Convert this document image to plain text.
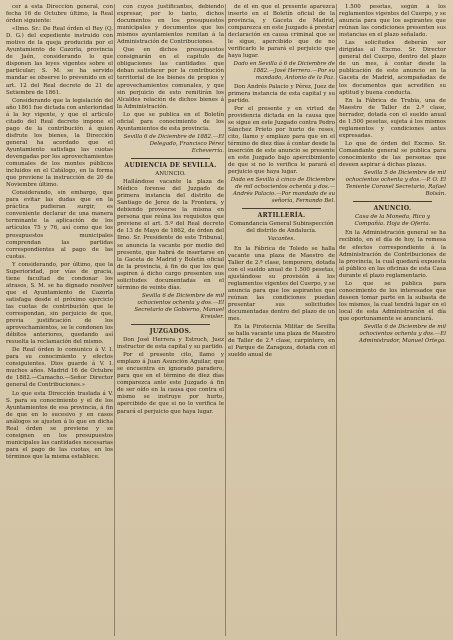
cer á esta Dirección general, con fecha 16 de Octubre último, la Real órden siguiente:

«Ilmo. Sr.: De Real órden el Rey (Q. D. G.) del expediente instruido con motivo de la queja producida por el Ayuntamiento de Cazorla, provincia de Jaén, considerando lo que disponen las leyes vigentes sobre el particular; S. M. se ha servido mandar se observe lo prevenido en el art. 12 del Real decreto de 21 de Setiembre de 1861.

Considerando que la legislación del año 1861 fue dictada con anterioridad á la ley vigente, y que el artículo citado del Real decreto impone el pago de la contribución á quien disfrute los bienes, la Dirección general ha acordado que el Ayuntamiento satisfaga las cuotas devengadas por los aprovechamientos comunales de los montes públicos incluidos en el Catálogo, en la forma que previene la instrucción de 20 de Noviembre último.

Considerando, sin embargo, que para evitar las dudas que en la práctica pudieran surgir, es conveniente declarar de una manera terminante la aplicación de los artículos 75 y 76, así como que los presupuestos municipales comprendan las partidas correspondientes al pago de las cuotas.

Y considerando, por último, que la Superioridad, por vías de gracia, tiene facultad de condonar los atrasos, S. M. se ha dignado resolver que el Ayuntamiento de Cazorla satisfaga desde el próximo ejercicio las cuotas de contribución que le correspondan, sin perjuicio de que, previa justificación de los aprovechamientos, se le condonen los débitos anteriores, quedando así resuelta la reclamación del mismo.

De Real órden lo comunico á V. I. para su conocimiento y efectos consiguientes. Dios guarde á V. I. muchos años. Madrid 16 de Octubre de 1882.—Camacho.—Señor Director general de Contribuciones.»

Lo que esta Dirección traslada á V. S. para su conocimiento y el de los Ayuntamientos de esa provincia, á fin de que en lo sucesivo y en casos análogos se ajusten á lo que en dicha Real órden se previene y se consignen en los presupuestos municipales las cantidades necesarias para el pago de las cuotas, en los términos que la misma establece.

con cuyos justificantes, debiendo expresar, por lo tanto, dichos documentos en los presupuestos municipales y documentos que los mismos ayuntamientos remitan á la Administración de Contribuciones.

Que en dichos presupuestos consignarán en el capítulo de obligaciones las cantidades que deban satisfacer por la contribución territorial de los bienes de propios y aprovechamientos comunales, y que sin perjuicio de esto remitirán los Alcaldes relación de dichos bienes á la Administración.

Lo que se publica en el Boletín oficial para conocimiento de los Ayuntamientos de esta provincia.

Sevilla 6 de Diciembre de 1882.—El Delegado, Francisco Pérez Echeverría.

AUDIENCIA DE SEVILLA.
ANUNCIO.

Hallándose vacante la plaza de Médico forense del Juzgado de primera instancia del distrito de Santiago de Jerez de la Frontera, y debiendo proveerse la misma en persona que reúna los requisitos que previene el art. 5.º del Real decreto de 13 de Mayo de 1862, de órden del Ilmo. Sr. Presidente de este Tribunal, se anuncia la vacante por medio del presente, que habrá de insertarse en la Gaceta de Madrid y Boletín oficial de la provincia, á fin de que los que aspiren á dicho cargo presenten sus solicitudes documentadas en el término de veinte días.

Sevilla 6 de Diciembre de mil ochocientos ochenta y dos.—El Secretario de Gobierno, Manuel Kreisler.

JUZGADOS.

Don José Herrera y Estruch, Juez instructor de esta capital y su partido.

Por el presente cito, llamo y emplazo á Juan Asunción Aguilar, que se encuentra en ignorado paradero, para que en el término de diez días comparezca ante este Juzgado á fin de ser oído en la causa que contra el mismo se instruye por hurto, apercibido de que si no lo verifica le parará el perjuicio que haya lugar.

de él en que el presente aparezca inserto en el Boletín oficial de la provincia, y Gaceta de Madrid, comparezca en este Juzgado á prestar declaración en causa criminal que se le sigue, apercibido que de no verificarlo le parará el perjuicio que haya lugar.

Dado en Sevilla á 6 de Diciembre de 1882.—José Herrera.—Por su mandado, Antonio de la Paz.

Don Andrés Palacio y Pérez, Juez de primera instancia de esta capital y su partido.

Por el presente y en virtud de providencia dictada en la causa que se sigue en este Juzgado contra Pedro Sánchez Prieto por hurto de reses, cito, llamo y emplazo para que en el término de diez días á contar desde la inserción de este anuncio se presente en este Juzgado bajo apercibimiento de que si no lo verifica le parará el perjuicio que haya lugar.

Dado en Sevilla á cinco de Diciembre de mil ochocientos ochenta y dos.—Andrés Palacio.—Por mandado de su señoría, Fernando Bel.

ARTILLERÍA.
Comandancia General Subinspección del distrito de Andalucía.
Vacantes.

En la Fábrica de Toledo se halla vacante una plaza de Maestro de Taller de 2.ª clase, temporero, dotada con el sueldo anual de 1.500 pesetas, ajustándose su provisión á los reglamentos vigentes del Cuerpo, y se anuncia para que los aspirantes que reúnan las condiciones puedan presentar sus solicitudes documentadas dentro del plazo de un mes.

En la Pirotecnia Militar de Sevilla se halla vacante una plaza de Maestro de Taller de 2.ª clase, carpintero, en el Parque de Zaragoza, dotada con el sueldo anual de

1.500 pesetas, según á los reglamentos vigentes del Cuerpo, y se anuncia para que los aspirantes que reúnan las condiciones presenten sus instancias en el plazo señalado.

Las solicitudes deberán ser dirigidas al Excmo. Sr. Director general del Cuerpo, dentro del plazo de un mes, á contar desde la publicación de este anuncio en la Gaceta de Madrid, acompañadas de los documentos que acrediten su aptitud y buena conducta.

En la Fábrica de Trubia, una de Maestro de Taller de 2.ª clase, herrador, dotada con el sueldo anual de 1.500 pesetas, sujeta á los mismos reglamentos y condiciones antes expresadas.

Lo que de órden del Excmo. Sr. Comandante general se publica para conocimiento de las personas que deseen aspirar á dichas plazas.

Sevilla 5 de Diciembre de mil ochocientos ochenta y dos.—P. O. El Teniente Coronel Secretario, Rafael Bolsán.

ANUNCIO.
Casa de la Moneda, Rico y Compañía. Hoja de Oferta.

En la Administración general se ha recibido, en el día de hoy, la remesa de efectos correspondiente á la Administración de Contribuciones de la provincia, la cual quedará expuesta al público en las oficinas de esta Casa durante el plazo reglamentario.

Lo que se publica para conocimiento de los interesados que deseen tomar parte en la subasta de los mismos, la cual tendrá lugar en el local de esta Administración el día que oportunamente se anunciará.

Sevilla 6 de Diciembre de mil ochocientos ochenta y dos.—El Administrador, Manuel Ortega.
